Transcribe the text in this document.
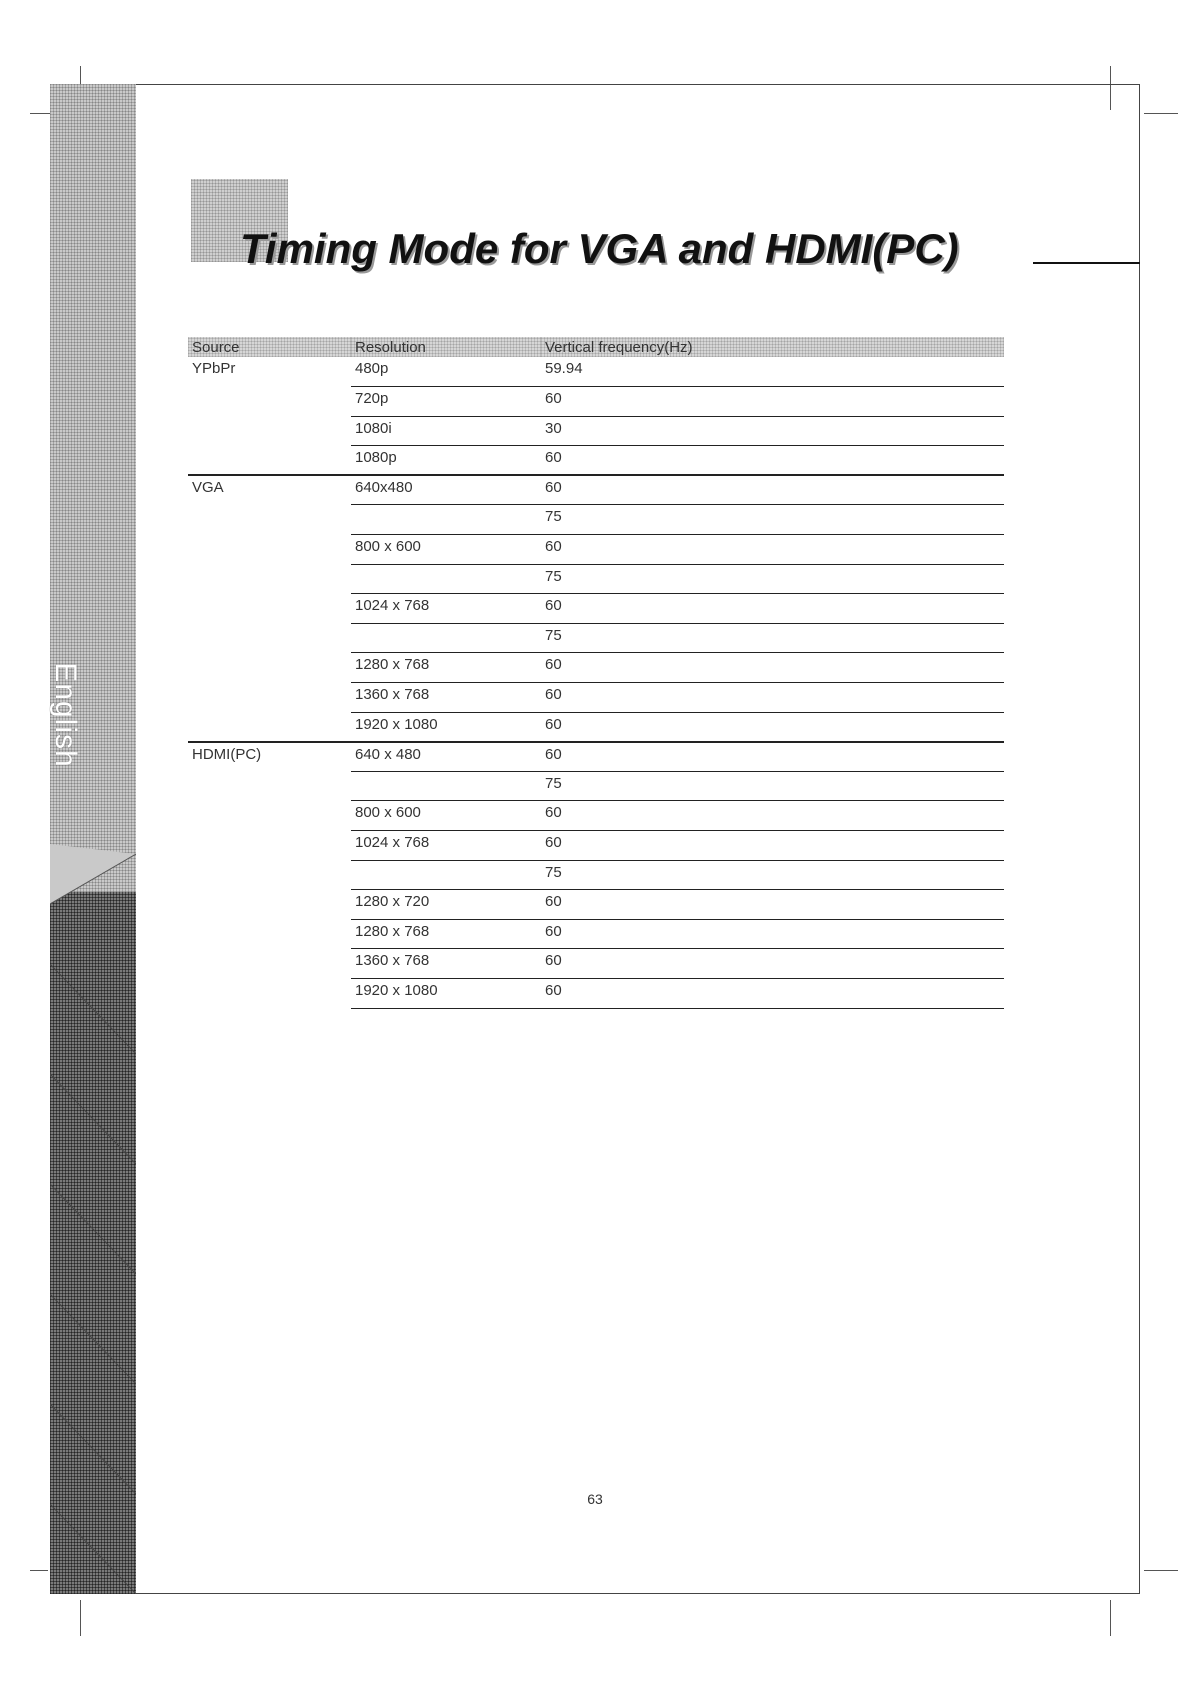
English
Timing Mode for VGA and HDMI(PC)
Source	Resolution	Vertical frequency(Hz)
YPbPr	480p	59.94
	720p	60
	1080i	30
	1080p	60
VGA	640x480	60
		75
	800 x 600	60
		75
	1024 x 768	60
		75
	1280 x 768	60
	1360 x 768	60
	1920 x 1080	60
HDMI(PC)	640 x 480	60
		75
	800 x 600	60
	1024 x 768	60
		75
	1280 x 720	60
	1280 x 768	60
	1360 x 768	60
	1920 x 1080	60
63
